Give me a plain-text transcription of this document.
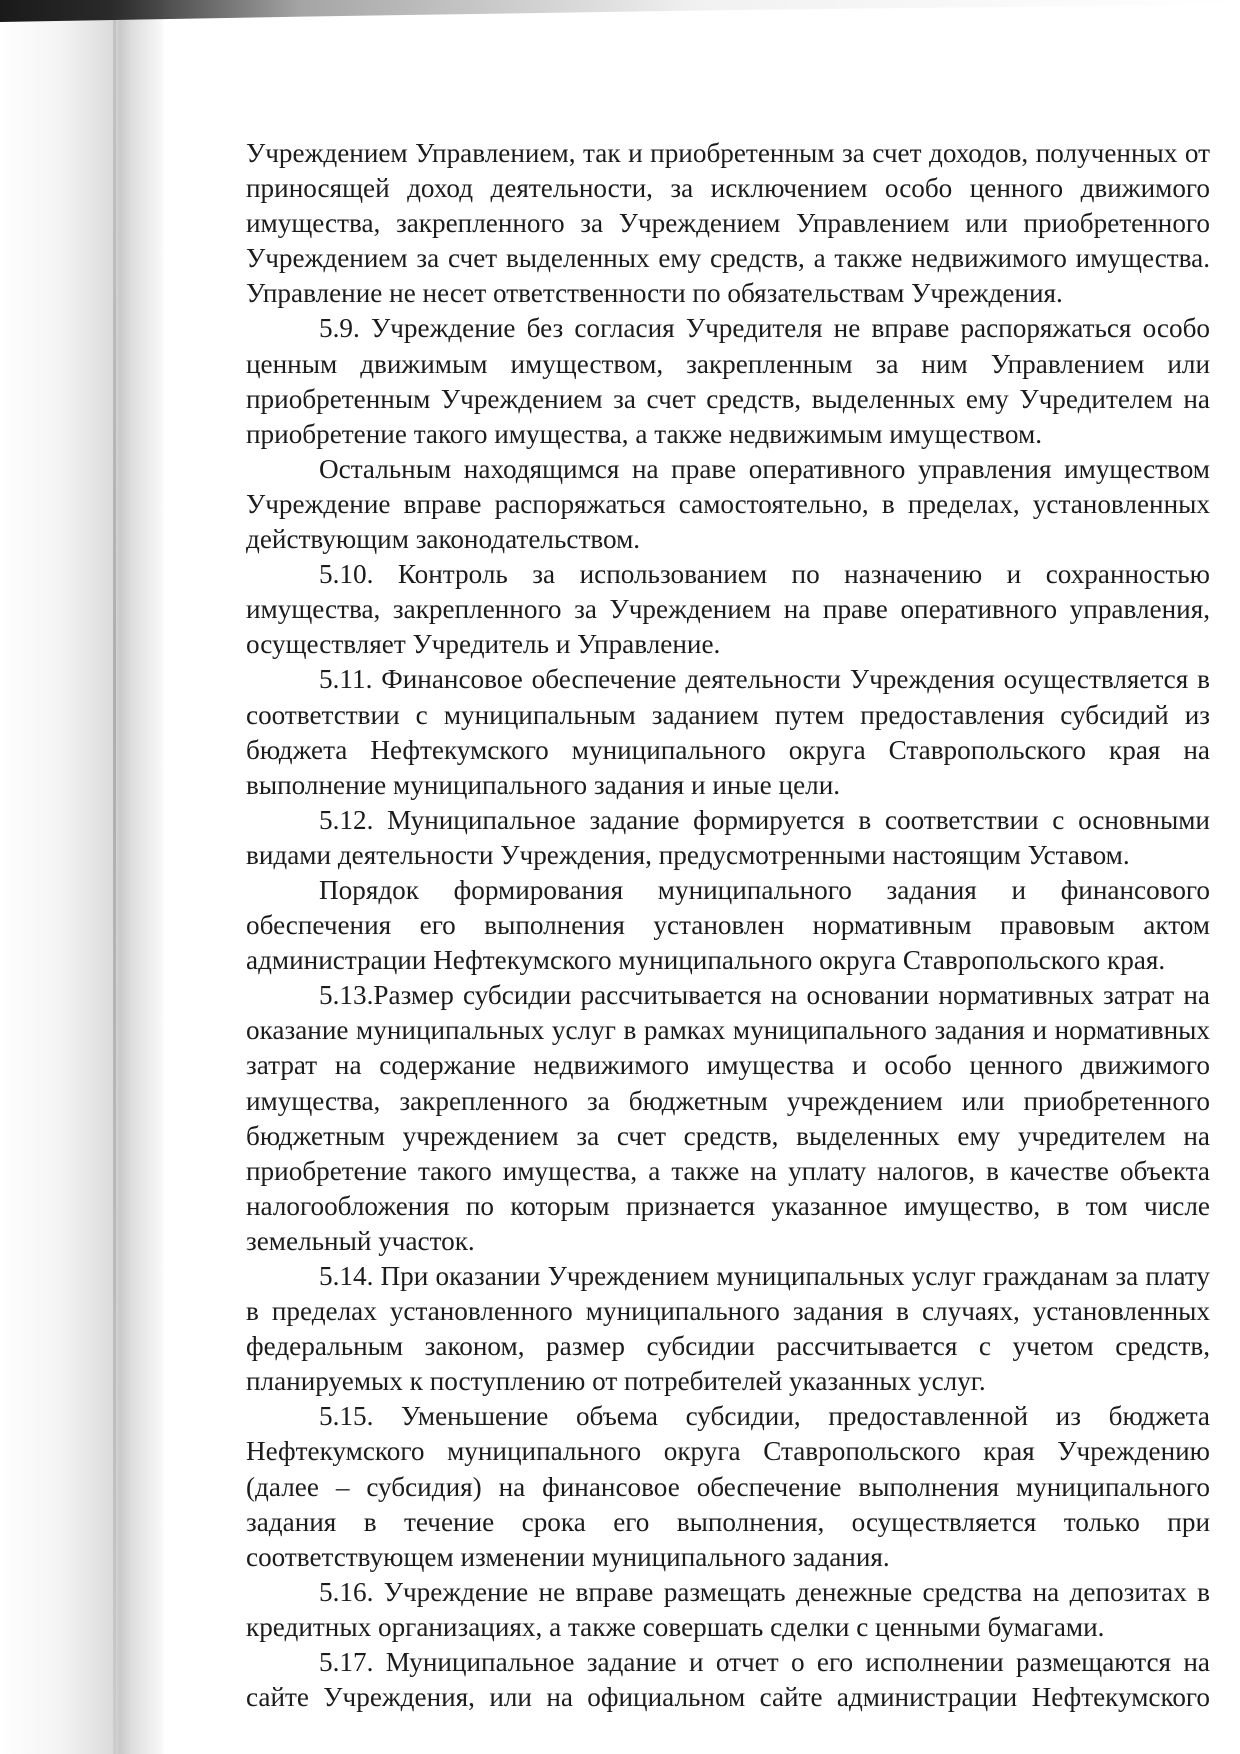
Учреждением Управлением, так и приобретенным за счет доходов, полученных от приносящей доход деятельности, за исключением особо ценного движимого имущества, закрепленного за Учреждением Управлением или приобретенного Учреждением за счет выделенных ему средств, а также недвижимого имущества. Управление не несет ответственности по обязательствам Учреждения.

5.9. Учреждение без согласия Учредителя не вправе распоряжаться особо ценным движимым имуществом, закрепленным за ним Управлением или приобретенным Учреждением за счет средств, выделенных ему Учредителем на приобретение такого имущества, а также недвижимым имуществом.

Остальным находящимся на праве оперативного управления имуществом Учреждение вправе распоряжаться самостоятельно, в пределах, установленных действующим законодательством.

5.10. Контроль за использованием по назначению и сохранностью имущества, закрепленного за Учреждением на праве оперативного управления, осуществляет Учредитель и Управление.

5.11. Финансовое обеспечение деятельности Учреждения осуществляется в соответствии с муниципальным заданием путем предоставления субсидий из бюджета Нефтекумского муниципального округа Ставропольского края на выполнение муниципального задания и иные цели.

5.12. Муниципальное задание формируется в соответствии с основными видами деятельности Учреждения, предусмотренными настоящим Уставом.

Порядок формирования муниципального задания и финансового обеспечения его выполнения установлен нормативным правовым актом администрации Нефтекумского муниципального округа Ставропольского края.

5.13.Размер субсидии рассчитывается на основании нормативных затрат на оказание муниципальных услуг в рамках муниципального задания и нормативных затрат на содержание недвижимого имущества и особо ценного движимого имущества, закрепленного за бюджетным учреждением или приобретенного бюджетным учреждением за счет средств, выделенных ему учредителем на приобретение такого имущества, а также на уплату налогов, в качестве объекта налогообложения по которым признается указанное имущество, в том числе земельный участок.

5.14. При оказании Учреждением муниципальных услуг гражданам за плату в пределах установленного муниципального задания в случаях, установленных федеральным законом, размер субсидии рассчитывается с учетом средств, планируемых к поступлению от потребителей указанных услуг.

5.15. Уменьшение объема субсидии, предоставленной из бюджета Нефтекумского муниципального округа Ставропольского края Учреждению (далее – субсидия) на финансовое обеспечение выполнения муниципального задания в течение срока его выполнения, осуществляется только при соответствующем изменении муниципального задания.

5.16. Учреждение не вправе размещать денежные средства на депозитах в кредитных организациях, а также совершать сделки с ценными бумагами.

5.17. Муниципальное задание и отчет о его исполнении размещаются на сайте Учреждения, или на официальном сайте администрации Нефтекумского
